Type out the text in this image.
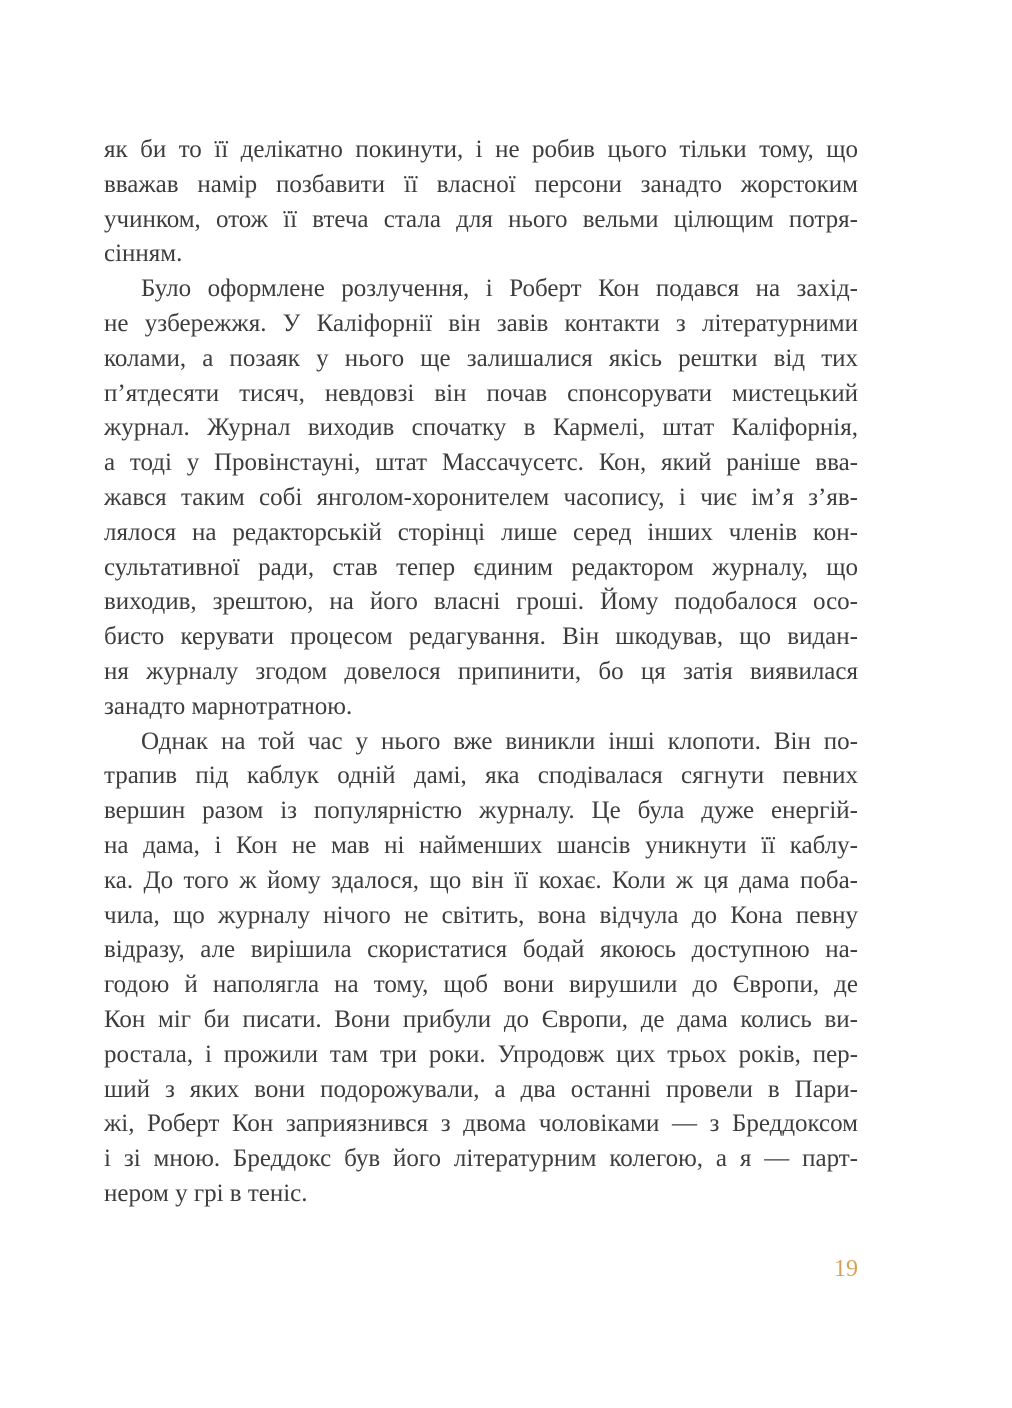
як би то її делікатно покинути, і не робив цього тільки тому, що
вважав намір позбавити її власної персони занадто жорстоким
учинком, отож її втеча стала для нього вельми цілющим потря-
сінням.
Було оформлене розлучення, і Роберт Кон подався на захід-
не узбережжя. У Каліфорнії він завів контакти з літературними
колами, а позаяк у нього ще залишалися якісь рештки від тих
п’ятдесяти тисяч, невдовзі він почав спонсорувати мистецький
журнал. Журнал виходив спочатку в Кармелі, штат Каліфорнія,
а тоді у Провінстауні, штат Массачусетс. Кон, який раніше вва-
жався таким собі янголом-хоронителем часопису, і чиє ім’я з’яв-
лялося на редакторській сторінці лише серед інших членів кон-
сультативної ради, став тепер єдиним редактором журналу, що
виходив, зрештою, на його власні гроші. Йому подобалося осо-
бисто керувати процесом редагування. Він шкодував, що видан-
ня журналу згодом довелося припинити, бо ця затія виявилася
занадто марнотратною.
Однак на той час у нього вже виникли інші клопоти. Він по-
трапив під каблук одній дамі, яка сподівалася сягнути певних
вершин разом із популярністю журналу. Це була дуже енергій-
на дама, і Кон не мав ні найменших шансів уникнути її каблу-
ка. До того ж йому здалося, що він її кохає. Коли ж ця дама поба-
чила, що журналу нічого не світить, вона відчула до Кона певну
відразу, але вирішила скористатися бодай якоюсь доступною на-
годою й наполягла на тому, щоб вони вирушили до Європи, де
Кон міг би писати. Вони прибули до Європи, де дама колись ви-
ростала, і прожили там три роки. Упродовж цих трьох років, пер-
ший з яких вони подорожували, а два останні провели в Пари-
жі, Роберт Кон заприязнився з двома чоловіками — з Бреддоксом
і зі мною. Бреддокс був його літературним колегою, а я — парт-
нером у грі в теніс.
19
